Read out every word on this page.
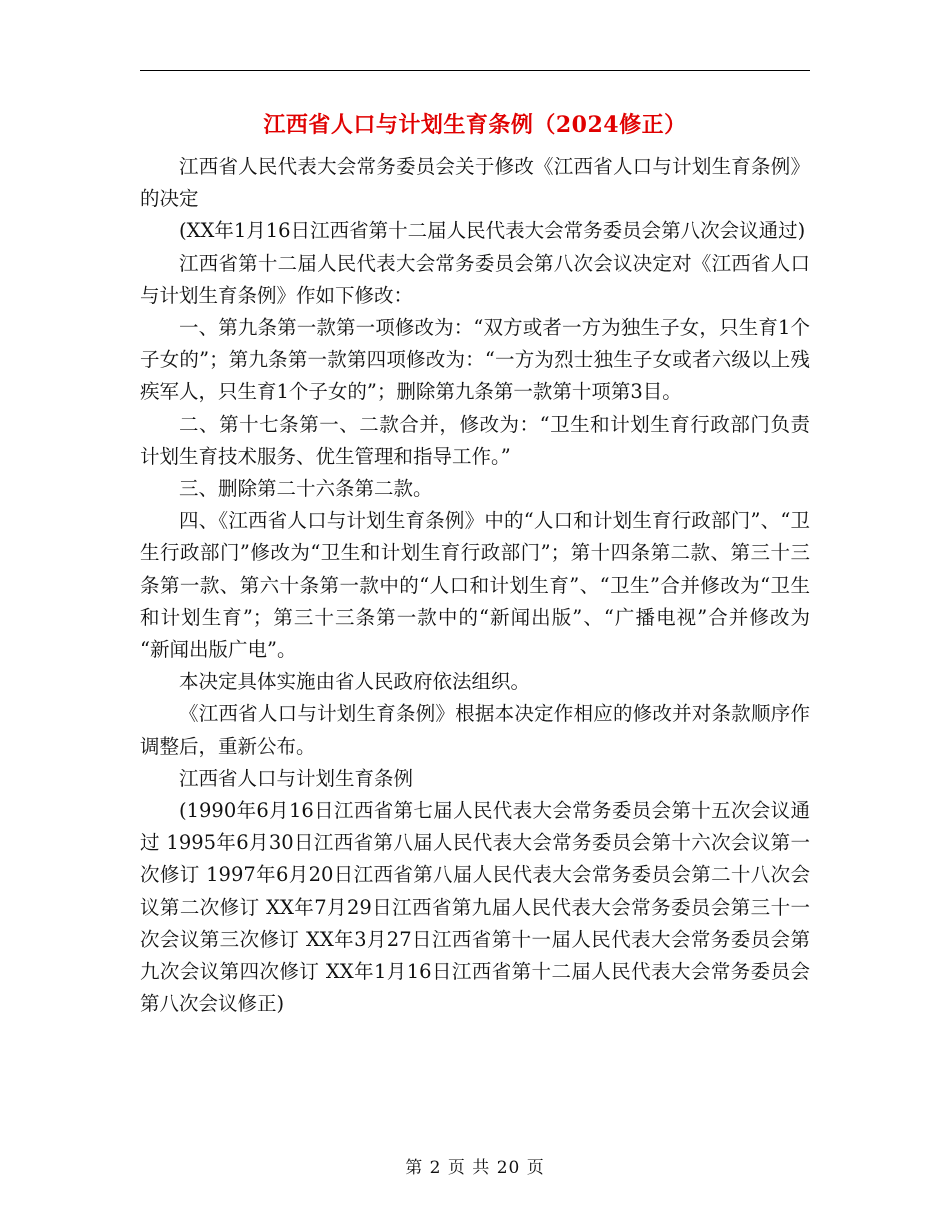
江西省人口与计划生育条例（2024修正）

江西省人民代表大会常务委员会关于修改《江西省人口与计划生育条例》的决定

(XX年1月16日江西省第十二届人民代表大会常务委员会第八次会议通过)

江西省第十二届人民代表大会常务委员会第八次会议决定对《江西省人口与计划生育条例》作如下修改：

一、第九条第一款第一项修改为：“双方或者一方为独生子女，只生育1个子女的”；第九条第一款第四项修改为：“一方为烈士独生子女或者六级以上残疾军人，只生育1个子女的”；删除第九条第一款第十项第3目。

二、第十七条第一、二款合并，修改为：“卫生和计划生育行政部门负责计划生育技术服务、优生管理和指导工作。”

三、删除第二十六条第二款。

四、《江西省人口与计划生育条例》中的“人口和计划生育行政部门”、“卫生行政部门”修改为“卫生和计划生育行政部门”；第十四条第二款、第三十三条第一款、第六十条第一款中的“人口和计划生育”、“卫生”合并修改为“卫生和计划生育”；第三十三条第一款中的“新闻出版”、“广播电视”合并修改为 “新闻出版广电”。

本决定具体实施由省人民政府依法组织。

《江西省人口与计划生育条例》根据本决定作相应的修改并对条款顺序作调整后，重新公布。

江西省人口与计划生育条例

(1990年6月16日江西省第七届人民代表大会常务委员会第十五次会议通过 1995年6月30日江西省第八届人民代表大会常务委员会第十六次会议第一次修订 1997年6月20日江西省第八届人民代表大会常务委员会第二十八次会议第二次修订 XX年7月29日江西省第九届人民代表大会常务委员会第三十一次会议第三次修订 XX年3月27日江西省第十一届人民代表大会常务委员会第九次会议第四次修订 XX年1月16日江西省第十二届人民代表大会常务委员会第八次会议修正)

第 2 页 共 20 页
